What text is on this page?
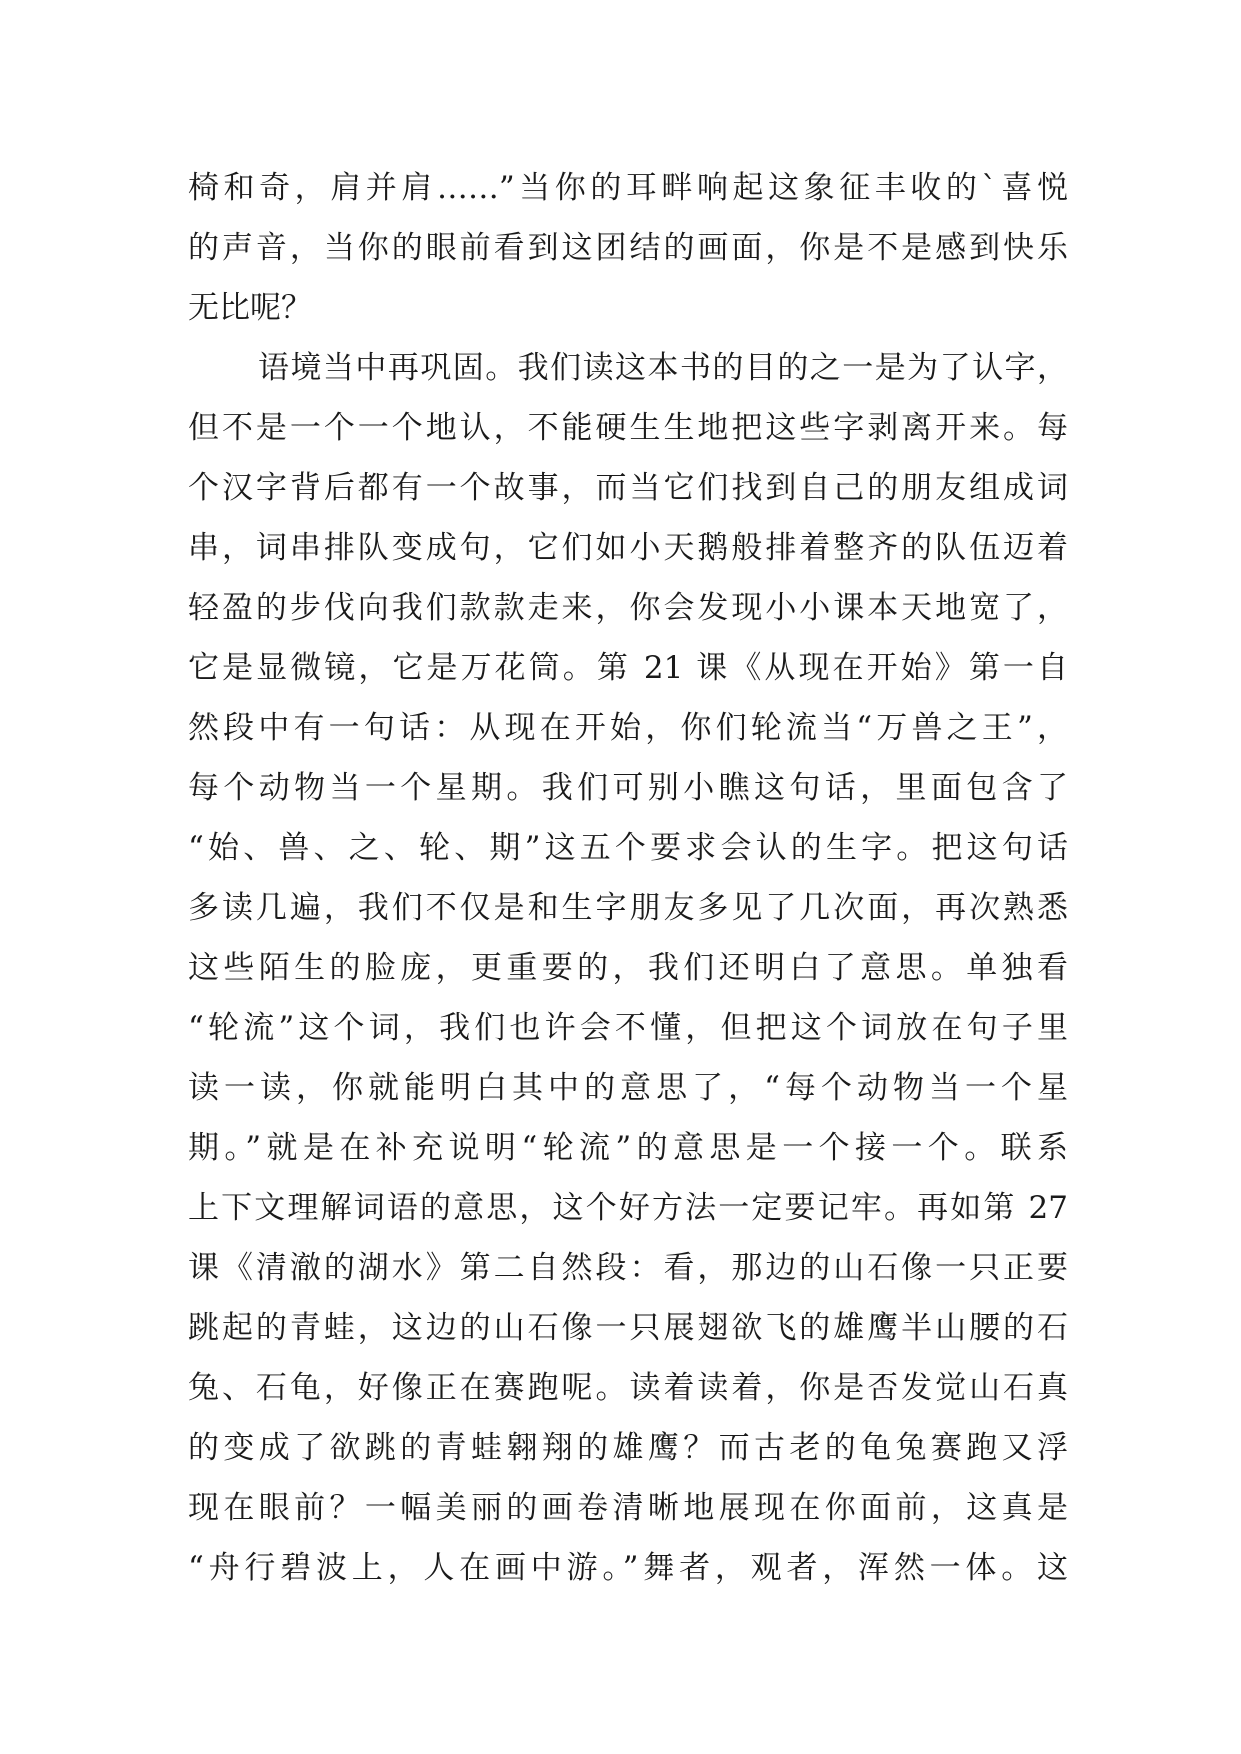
椅和奇，肩并肩……”当你的耳畔响起这象征丰收的`喜悦
的声音，当你的眼前看到这团结的画面，你是不是感到快乐
无比呢？
语境当中再巩固。我们读这本书的目的之一是为了认字，
但不是一个一个地认，不能硬生生地把这些字剥离开来。每
个汉字背后都有一个故事，而当它们找到自己的朋友组成词
串，词串排队变成句，它们如小天鹅般排着整齐的队伍迈着
轻盈的步伐向我们款款走来，你会发现小小课本天地宽了，
它是显微镜，它是万花筒。第 21 课《从现在开始》第一自
然段中有一句话：从现在开始，你们轮流当“万兽之王”，
每个动物当一个星期。我们可别小瞧这句话，里面包含了
“始、兽、之、轮、期”这五个要求会认的生字。把这句话
多读几遍，我们不仅是和生字朋友多见了几次面，再次熟悉
这些陌生的脸庞，更重要的，我们还明白了意思。单独看
“轮流”这个词，我们也许会不懂，但把这个词放在句子里
读一读，你就能明白其中的意思了，“每个动物当一个星
期。”就是在补充说明“轮流”的意思是一个接一个。联系
上下文理解词语的意思，这个好方法一定要记牢。再如第 27
课《清澈的湖水》第二自然段：看，那边的山石像一只正要
跳起的青蛙，这边的山石像一只展翅欲飞的雄鹰半山腰的石
兔、石龟，好像正在赛跑呢。读着读着，你是否发觉山石真
的变成了欲跳的青蛙翱翔的雄鹰？而古老的龟兔赛跑又浮
现在眼前？一幅美丽的画卷清晰地展现在你面前，这真是
“舟行碧波上，人在画中游。”舞者，观者，浑然一体。这
